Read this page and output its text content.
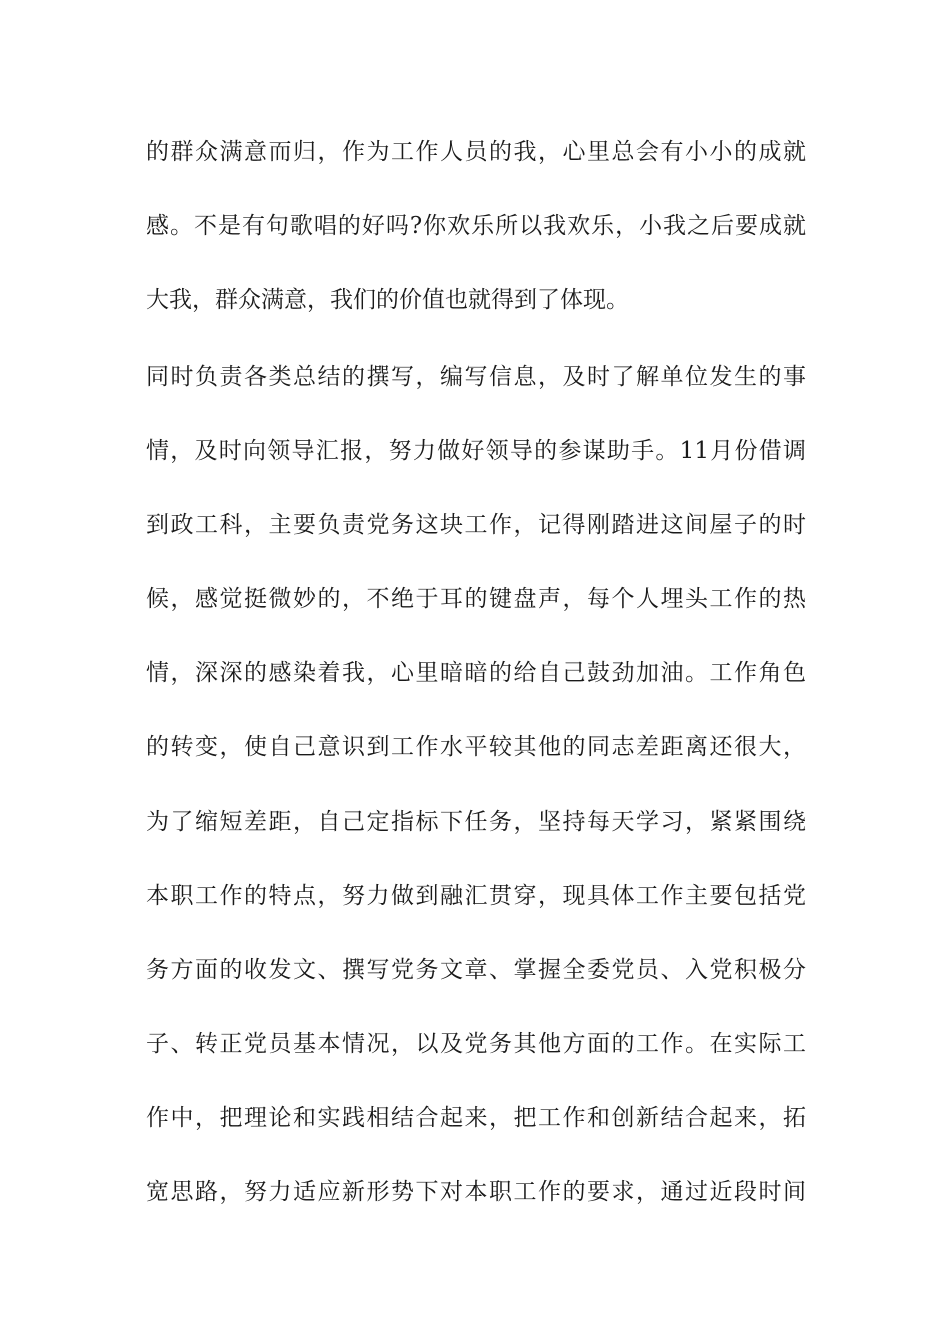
的群众满意而归，作为工作人员的我，心里总会有小小的成就
感。不是有句歌唱的好吗?你欢乐所以我欢乐，小我之后要成就
大我，群众满意，我们的价值也就得到了体现。
同时负责各类总结的撰写，编写信息，及时了解单位发生的事
情，及时向领导汇报，努力做好领导的参谋助手。11月份借调
到政工科，主要负责党务这块工作，记得刚踏进这间屋子的时
候，感觉挺微妙的，不绝于耳的键盘声，每个人埋头工作的热
情，深深的感染着我，心里暗暗的给自己鼓劲加油。工作角色
的转变，使自己意识到工作水平较其他的同志差距离还很大，
为了缩短差距，自己定指标下任务，坚持每天学习，紧紧围绕
本职工作的特点，努力做到融汇贯穿，现具体工作主要包括党
务方面的收发文、撰写党务文章、掌握全委党员、入党积极分
子、转正党员基本情况，以及党务其他方面的工作。在实际工
作中，把理论和实践相结合起来，把工作和创新结合起来，拓
宽思路，努力适应新形势下对本职工作的要求，通过近段时间
